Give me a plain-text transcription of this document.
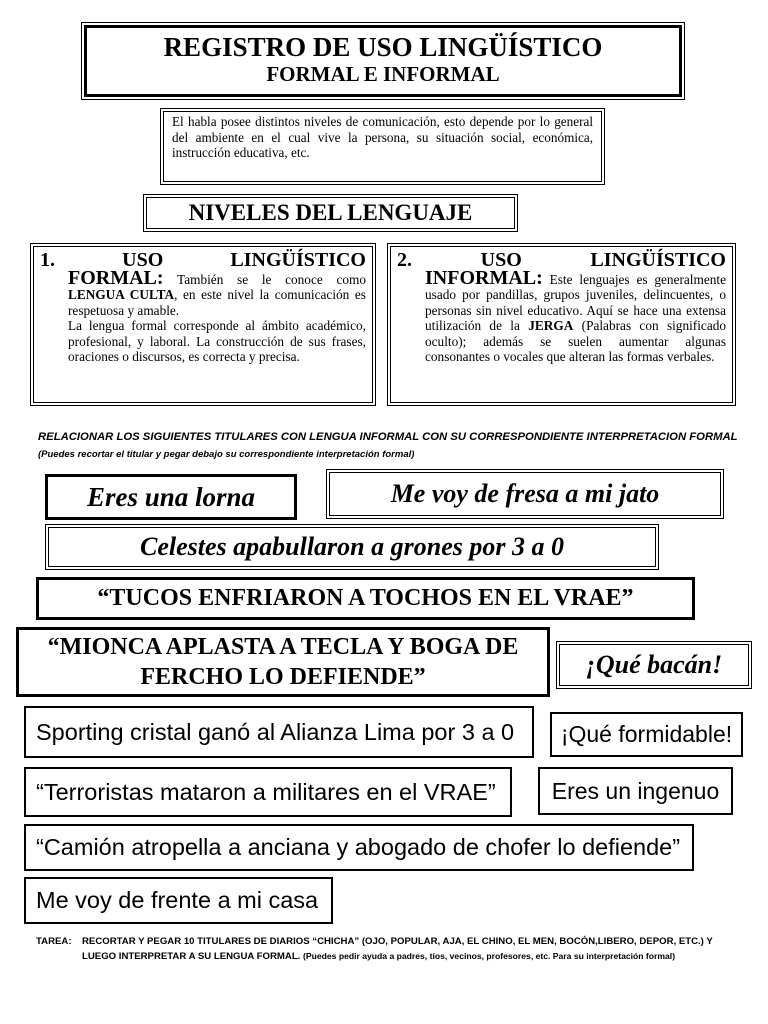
REGISTRO DE USO LINGÜÍSTICO
FORMAL E INFORMAL
El habla posee distintos niveles de comunicación, esto depende por lo general del ambiente en el cual vive la persona, su situación social, económica, instrucción educativa, etc.
NIVELES DEL LENGUAJE
1.	USO	LINGÜÍSTICO
FORMAL: También se le conoce como LENGUA CULTA, en este nivel la comunicación es respetuosa y amable.
La lengua formal corresponde al ámbito académico, profesional, y laboral. La construcción de sus frases, oraciones o discursos, es correcta y precisa.
2.	USO	LINGÜÍSTICO
INFORMAL: Este lenguajes es generalmente usado por pandillas, grupos juveniles, delincuentes, o personas sin nivel educativo. Aquí se hace una extensa utilización de la JERGA (Palabras con significado oculto); además se suelen aumentar algunas consonantes o vocales que alteran las formas verbales.
RELACIONAR LOS SIGUIENTES TITULARES CON LENGUA INFORMAL CON SU CORRESPONDIENTE INTERPRETACION FORMAL (Puedes recortar el titular y pegar debajo su correspondiente interpretación formal)
Eres una lorna	Me voy de fresa a mi jato
Celestes apabullaron a grones por 3 a 0
“TUCOS ENFRIARON A TOCHOS EN EL VRAE”
“MIONCA APLASTA A TECLA Y BOGA DE FERCHO LO DEFIENDE”	¡Qué bacán!
Sporting cristal ganó al Alianza Lima por 3 a 0	¡Qué formidable!
“Terroristas mataron a militares en el VRAE”	Eres un ingenuo
“Camión atropella a anciana y abogado de chofer lo defiende”
Me voy de frente a mi casa
TAREA: RECORTAR Y PEGAR 10 TITULARES DE DIARIOS “CHICHA” (OJO, POPULAR, AJA, EL CHINO, EL MEN, BOCÓN,LIBERO, DEPOR, ETC.) Y
LUEGO INTERPRETAR A SU LENGUA FORMAL. (Puedes pedir ayuda a padres, tíos, vecinos, profesores, etc. Para su interpretación formal)
